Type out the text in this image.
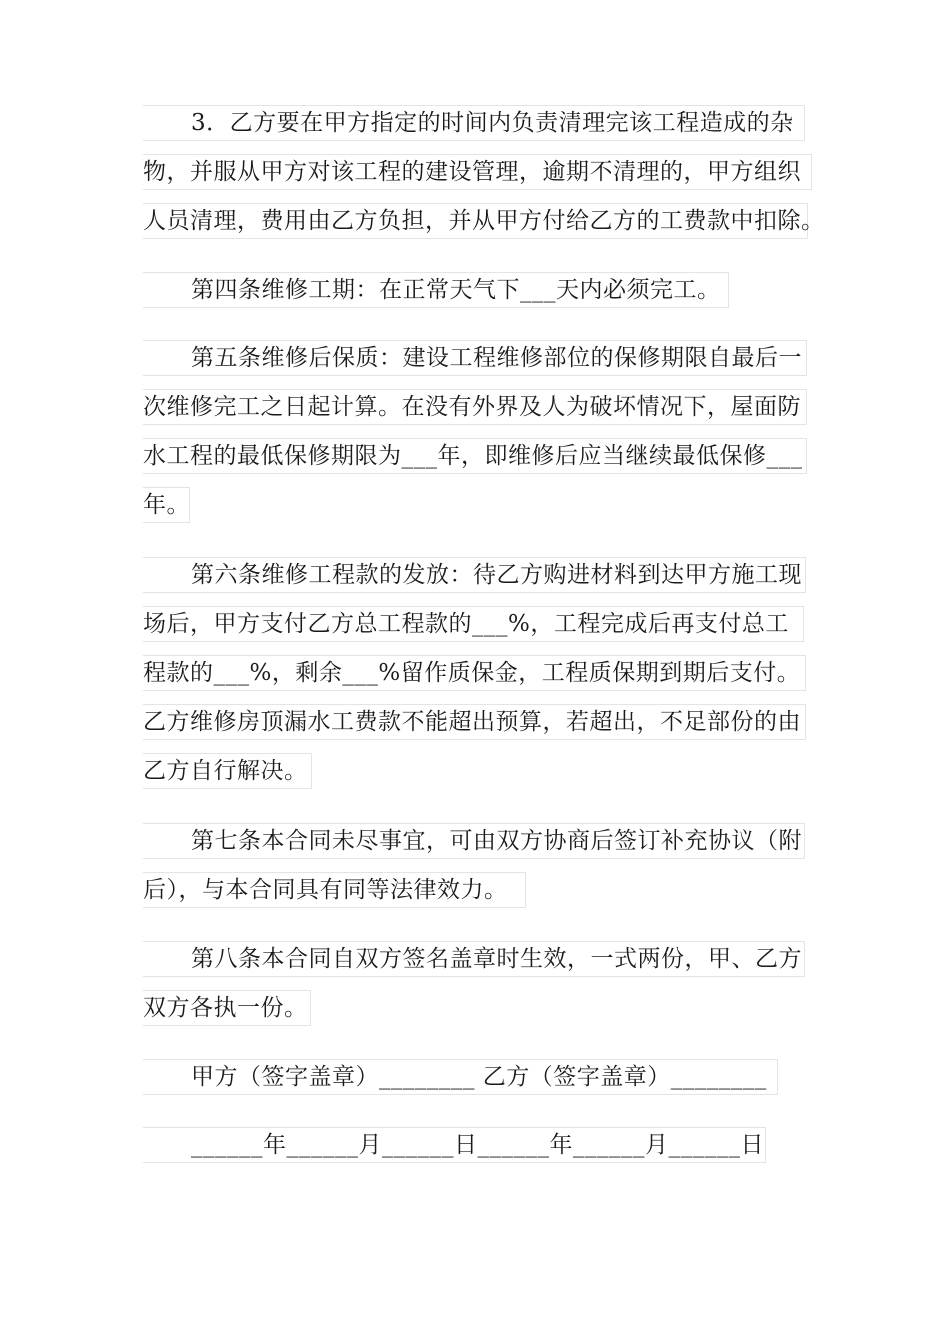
3．乙方要在甲方指定的时间内负责清理完该工程造成的杂
物，并服从甲方对该工程的建设管理，逾期不清理的，甲方组织
人员清理，费用由乙方负担，并从甲方付给乙方的工费款中扣除。
第四条维修工期：在正常天气下___天内必须完工。
第五条维修后保质：建设工程维修部位的保修期限自最后一
次维修完工之日起计算。在没有外界及人为破坏情况下，屋面防
水工程的最低保修期限为___年，即维修后应当继续最低保修___
年。
第六条维修工程款的发放：待乙方购进材料到达甲方施工现
场后，甲方支付乙方总工程款的___%，工程完成后再支付总工
程款的___%，剩余___%留作质保金，工程质保期到期后支付。
乙方维修房顶漏水工费款不能超出预算，若超出，不足部份的由
乙方自行解决。
第七条本合同未尽事宜，可由双方协商后签订补充协议（附
后），与本合同具有同等法律效力。
第八条本合同自双方签名盖章时生效，一式两份，甲、乙方
双方各执一份。
甲方（签字盖章）________ 乙方（签字盖章）________
______年______月______日______年______月______日
